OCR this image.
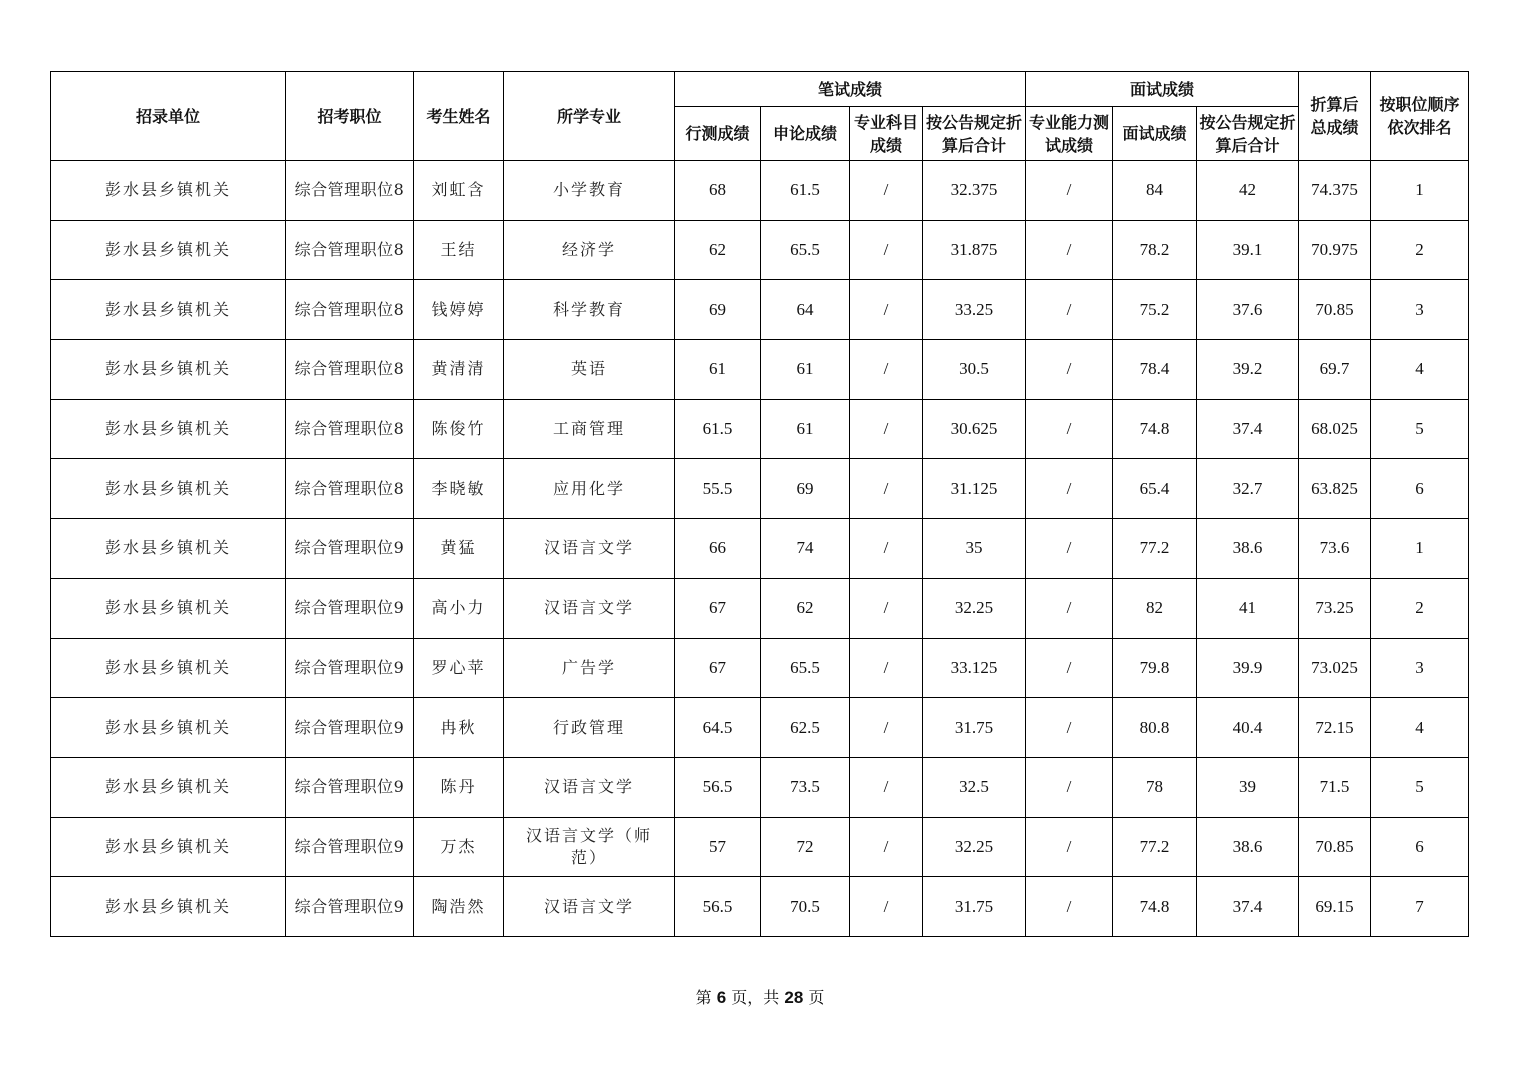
招录单位	招考职位	考生姓名	所学专业	笔试成绩				面试成绩			折算后总成绩	按职位顺序依次排名
				行测成绩	申论成绩	专业科目成绩	按公告规定折算后合计	专业能力测试成绩	面试成绩	按公告规定折算后合计		
彭水县乡镇机关	综合管理职位8	刘虹含	小学教育	68	61.5	/	32.375	/	84	42	74.375	1
彭水县乡镇机关	综合管理职位8	王结	经济学	62	65.5	/	31.875	/	78.2	39.1	70.975	2
彭水县乡镇机关	综合管理职位8	钱婷婷	科学教育	69	64	/	33.25	/	75.2	37.6	70.85	3
彭水县乡镇机关	综合管理职位8	黄清清	英语	61	61	/	30.5	/	78.4	39.2	69.7	4
彭水县乡镇机关	综合管理职位8	陈俊竹	工商管理	61.5	61	/	30.625	/	74.8	37.4	68.025	5
彭水县乡镇机关	综合管理职位8	李晓敏	应用化学	55.5	69	/	31.125	/	65.4	32.7	63.825	6
彭水县乡镇机关	综合管理职位9	黄猛	汉语言文学	66	74	/	35	/	77.2	38.6	73.6	1
彭水县乡镇机关	综合管理职位9	高小力	汉语言文学	67	62	/	32.25	/	82	41	73.25	2
彭水县乡镇机关	综合管理职位9	罗心苹	广告学	67	65.5	/	33.125	/	79.8	39.9	73.025	3
彭水县乡镇机关	综合管理职位9	冉秋	行政管理	64.5	62.5	/	31.75	/	80.8	40.4	72.15	4
彭水县乡镇机关	综合管理职位9	陈丹	汉语言文学	56.5	73.5	/	32.5	/	78	39	71.5	5
彭水县乡镇机关	综合管理职位9	万杰	汉语言文学（师范）	57	72	/	32.25	/	77.2	38.6	70.85	6
彭水县乡镇机关	综合管理职位9	陶浩然	汉语言文学	56.5	70.5	/	31.75	/	74.8	37.4	69.15	7
第 6 页，共 28 页
